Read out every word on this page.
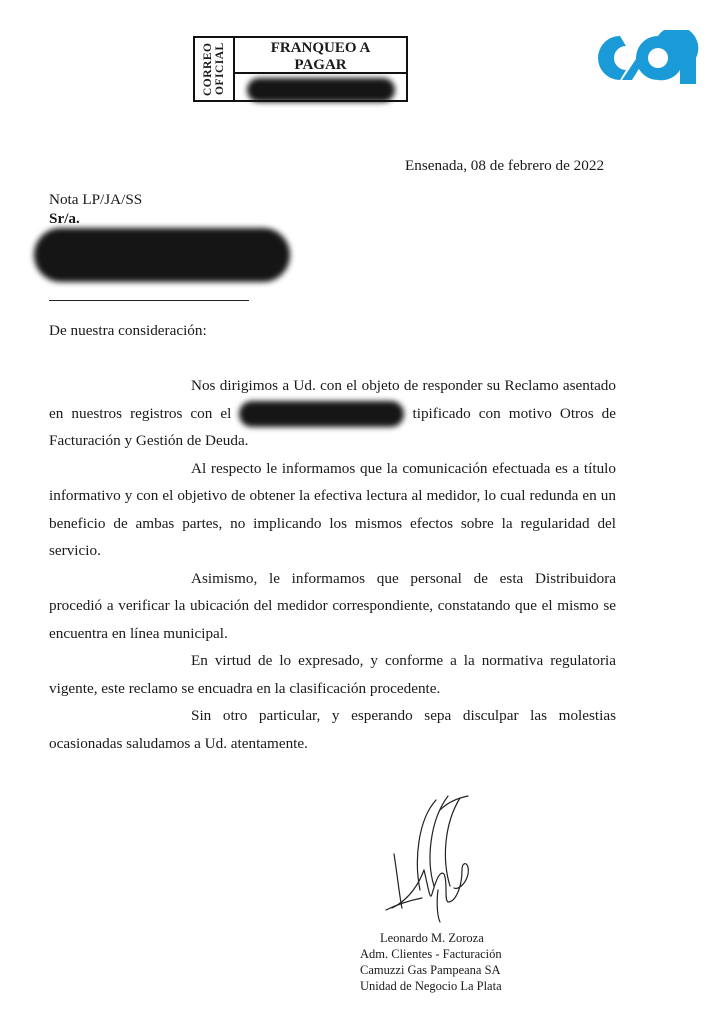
CORREO OFICIAL	FRANQUEO A
PAGAR
Ensenada, 08 de febrero de 2022
Nota LP/JA/SS
Sr/a.
De nuestra consideración:

Nos dirigimos a Ud. con el objeto de responder su Reclamo asentado en nuestros registros con el	tipificado con motivo Otros de Facturación y Gestión de Deuda.

Al respecto le informamos que la comunicación efectuada es a título informativo y con el objetivo de obtener la efectiva lectura al medidor, lo cual redunda en un beneficio de ambas partes, no implicando los mismos efectos sobre la regularidad del servicio.

Asimismo, le informamos que personal de esta Distribuidora procedió a verificar la ubicación del medidor correspondiente, constatando que el mismo se encuentra en línea municipal.

En virtud de lo expresado, y conforme a la normativa regulatoria vigente, este reclamo se encuadra en la clasificación procedente.

Sin otro particular, y esperando sepa disculpar las molestias ocasionadas saludamos a Ud. atentamente.

Leonardo M. Zoroza
Adm. Clientes - Facturación
Camuzzi Gas Pampeana SA
Unidad de Negocio La Plata
